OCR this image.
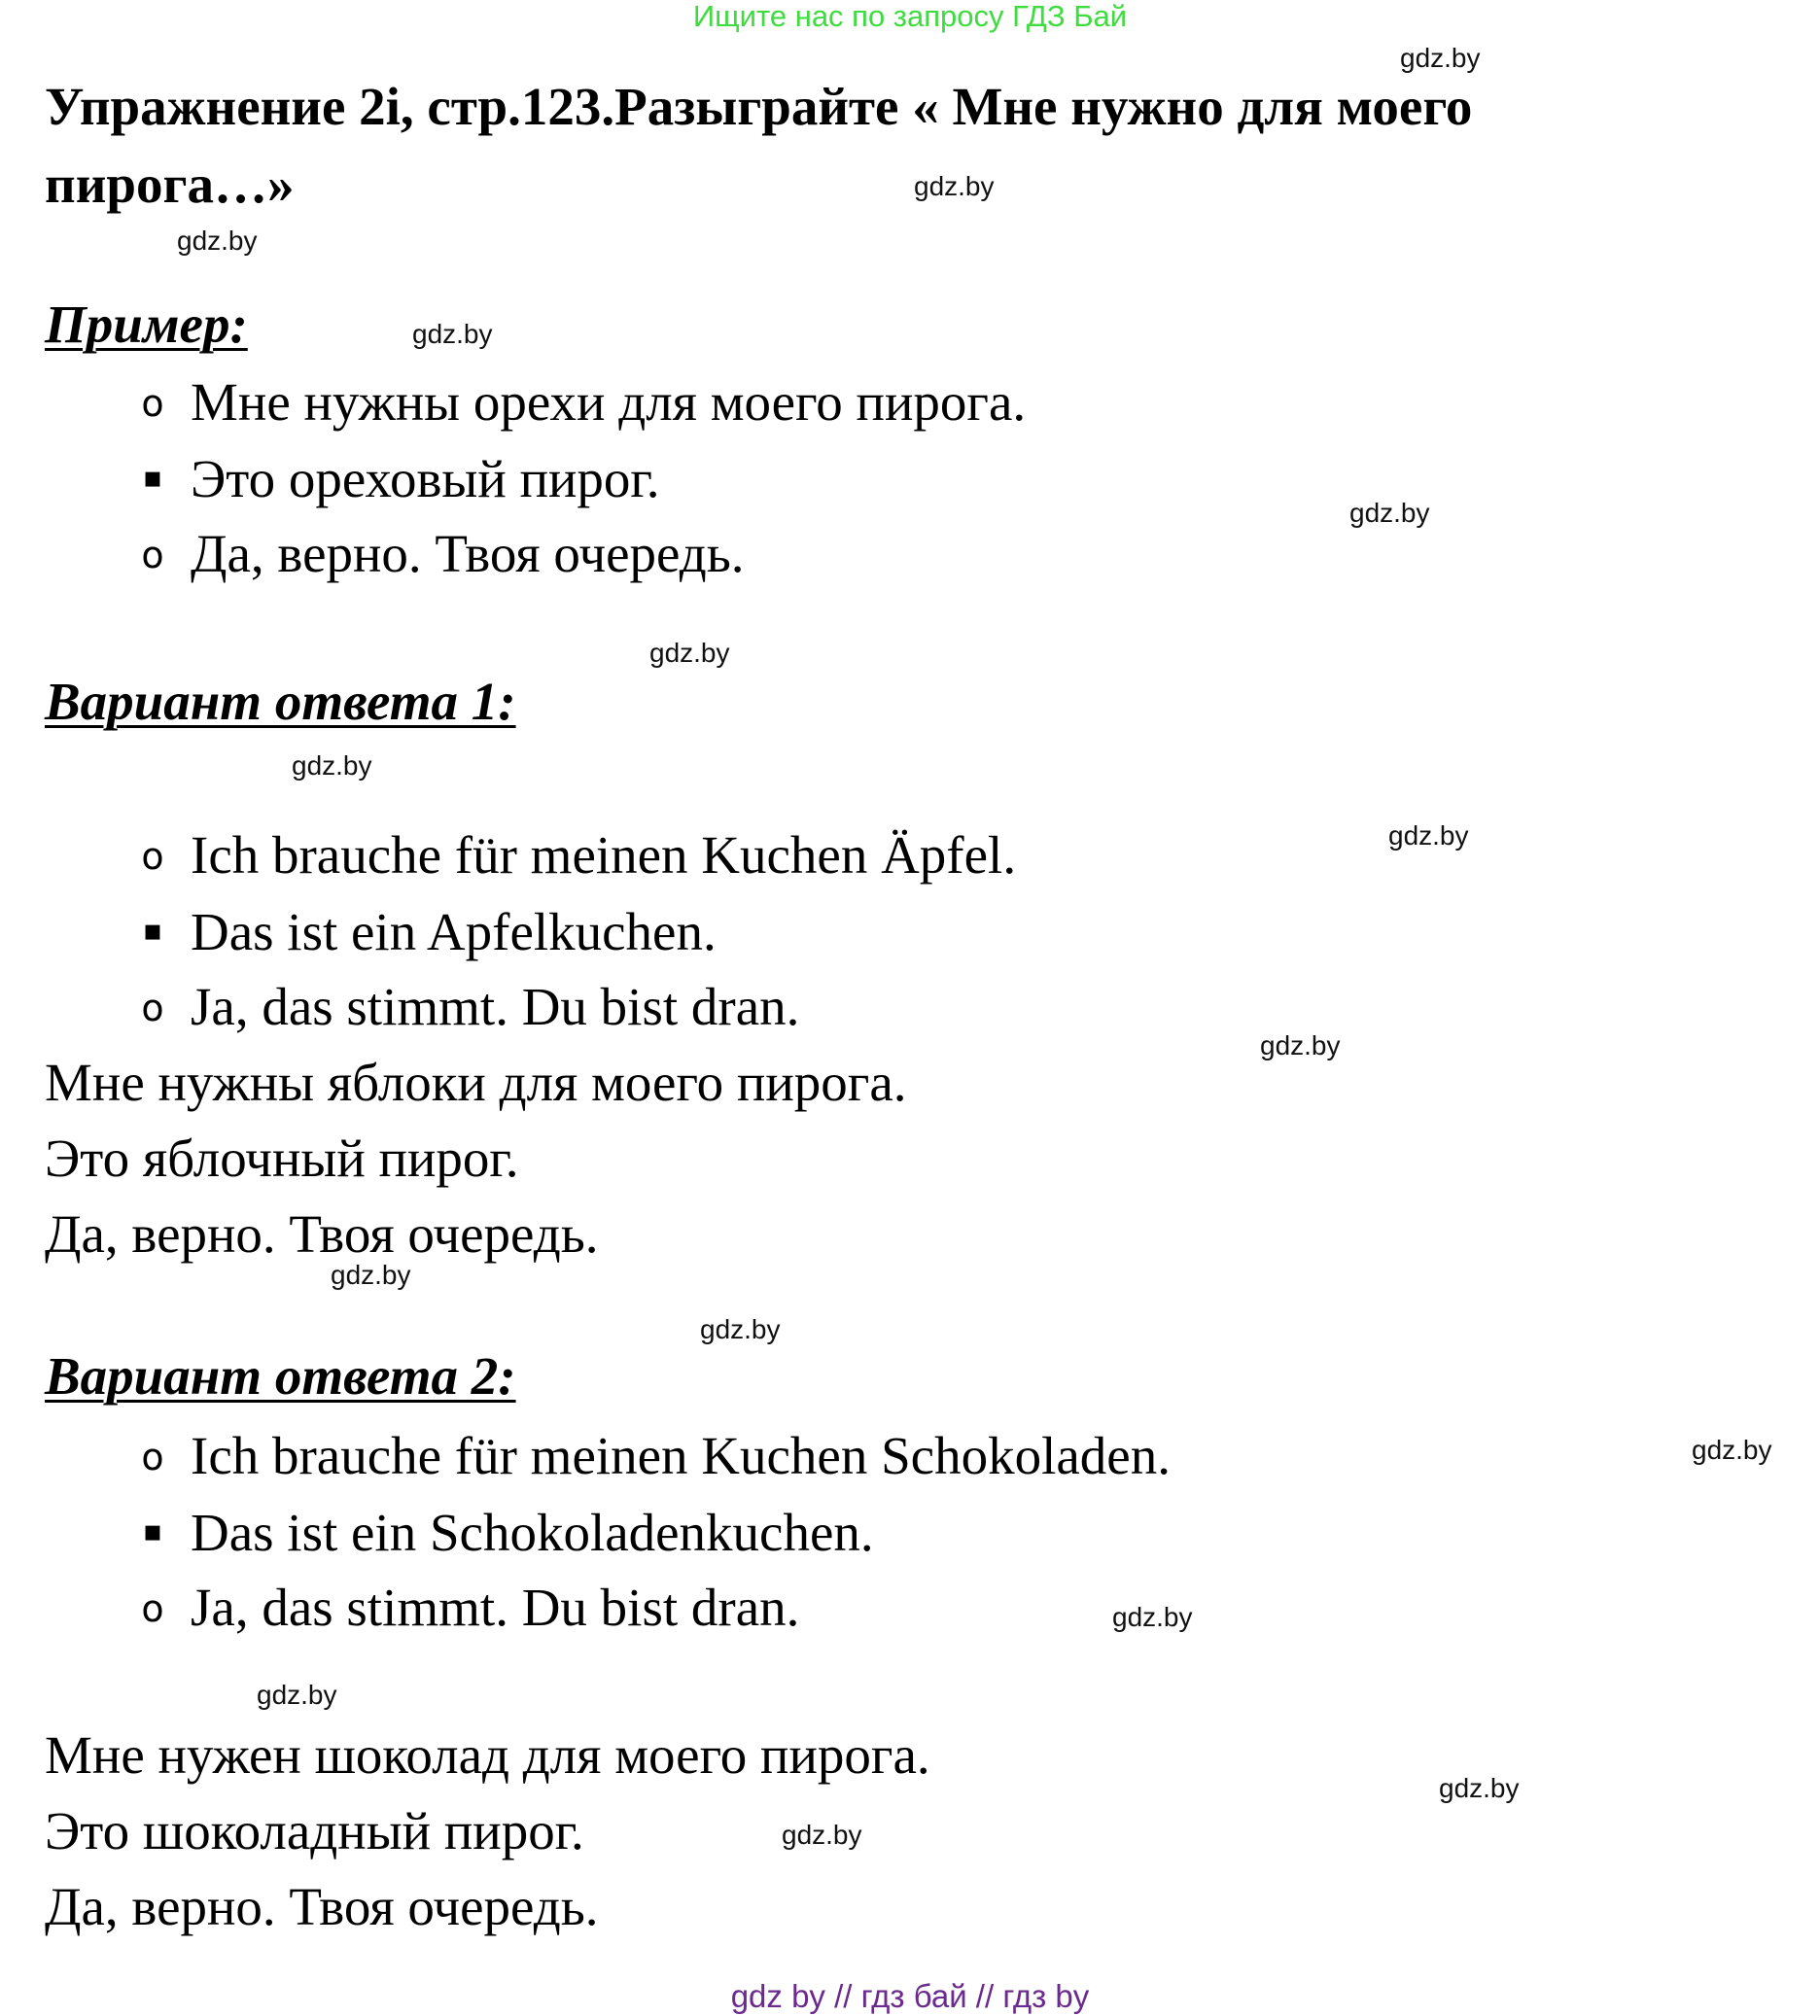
Ищите нас по запросу ГДЗ Бай
Упражнение 2i, стр.123.Разыграйте « Мне нужно для моего пирога…»
Пример:
o Мне нужны орехи для моего пирога.
▪ Это ореховый пирог.
o Да, верно. Твоя очередь.
Вариант ответа 1:
o Ich brauche für meinen Kuchen Äpfel.
▪ Das ist ein Apfelkuchen.
o Ja, das stimmt. Du bist dran.
Мне нужны яблоки для моего пирога.
Это яблочный пирог.
Да, верно. Твоя очередь.
Вариант ответа 2:
o Ich brauche für meinen Kuchen Schokoladen.
▪ Das ist ein Schokoladenkuchen.
o Ja, das stimmt. Du bist dran.
Мне нужен шоколад для моего пирога.
Это шоколадный пирог.
Да, верно. Твоя очередь.
gdz.by
gdz.by
gdz.by
gdz.by
gdz.by
gdz.by
gdz.by
gdz.by
gdz.by
gdz.by
gdz.by
gdz.by
gdz.by
gdz.by
gdz.by
gdz.by
gdz by // гдз бай // гдз by
